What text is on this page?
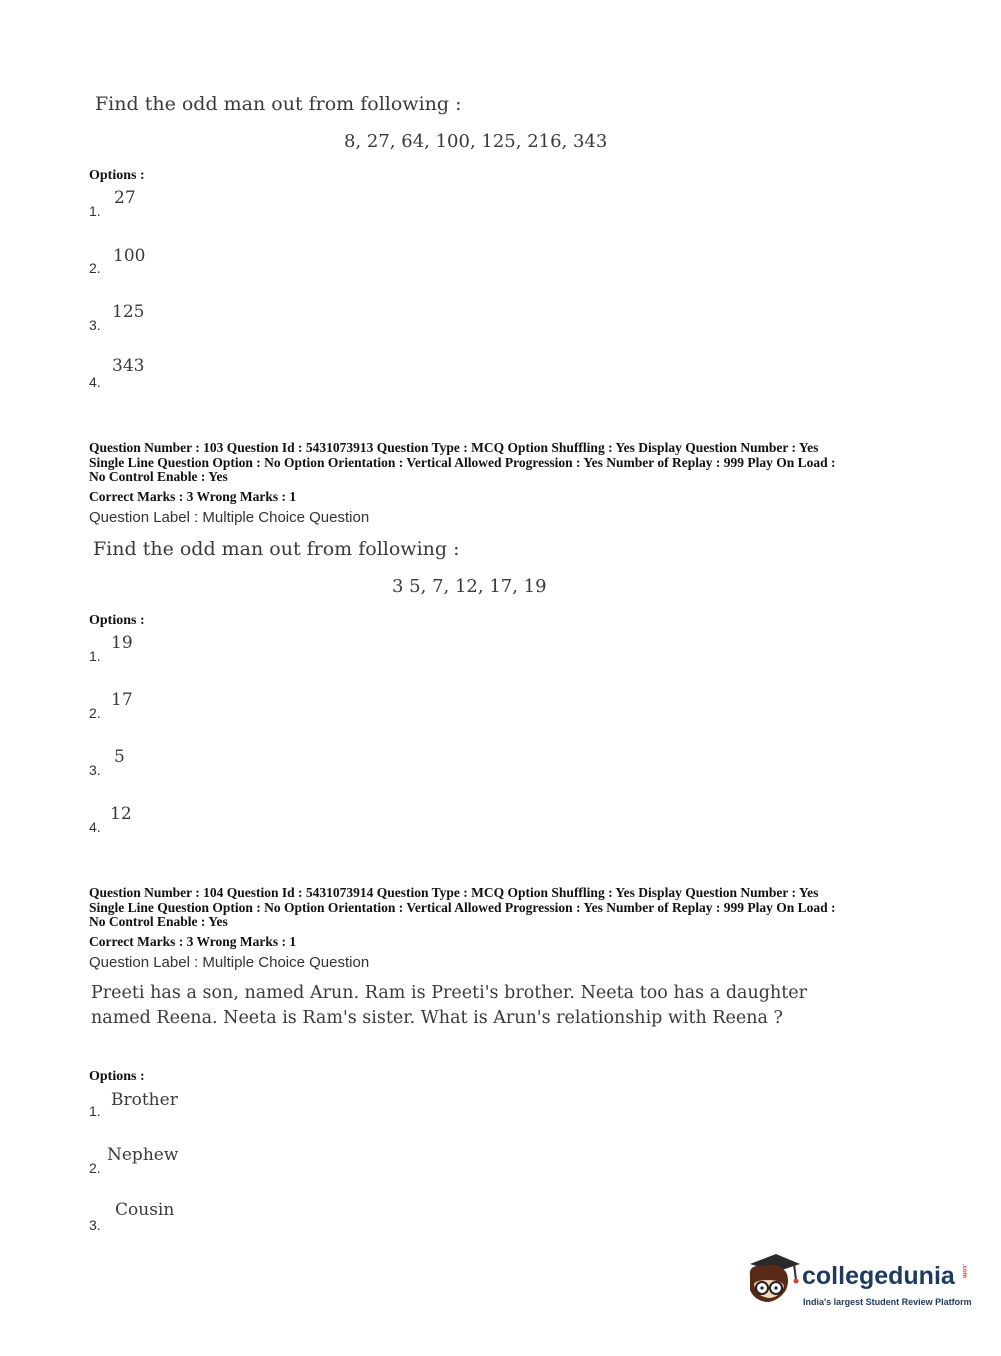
Find the odd man out from following :
8, 27, 64, 100, 125, 216, 343
Options :
1.
27
2.
100
3.
125
4.
343
Question Number : 103 Question Id : 5431073913 Question Type : MCQ Option Shuffling : Yes Display Question Number : Yes
Single Line Question Option : No Option Orientation : Vertical Allowed Progression : Yes Number of Replay : 999 Play On Load :
No Control Enable : Yes
Correct Marks : 3 Wrong Marks : 1
Question Label : Multiple Choice Question
Find the odd man out from following :
3 5, 7, 12, 17, 19
Options :
1.
19
2.
17
3.
5
4.
12
Question Number : 104 Question Id : 5431073914 Question Type : MCQ Option Shuffling : Yes Display Question Number : Yes
Single Line Question Option : No Option Orientation : Vertical Allowed Progression : Yes Number of Replay : 999 Play On Load :
No Control Enable : Yes
Correct Marks : 3 Wrong Marks : 1
Question Label : Multiple Choice Question
Preeti has a son, named Arun. Ram is Preeti's brother. Neeta too has a daughter named Reena. Neeta is Ram's sister. What is Arun's relationship with Reena ?
Options :
1.
Brother
2.
Nephew
3.
Cousin
collegedunia .com
India's largest Student Review Platform
